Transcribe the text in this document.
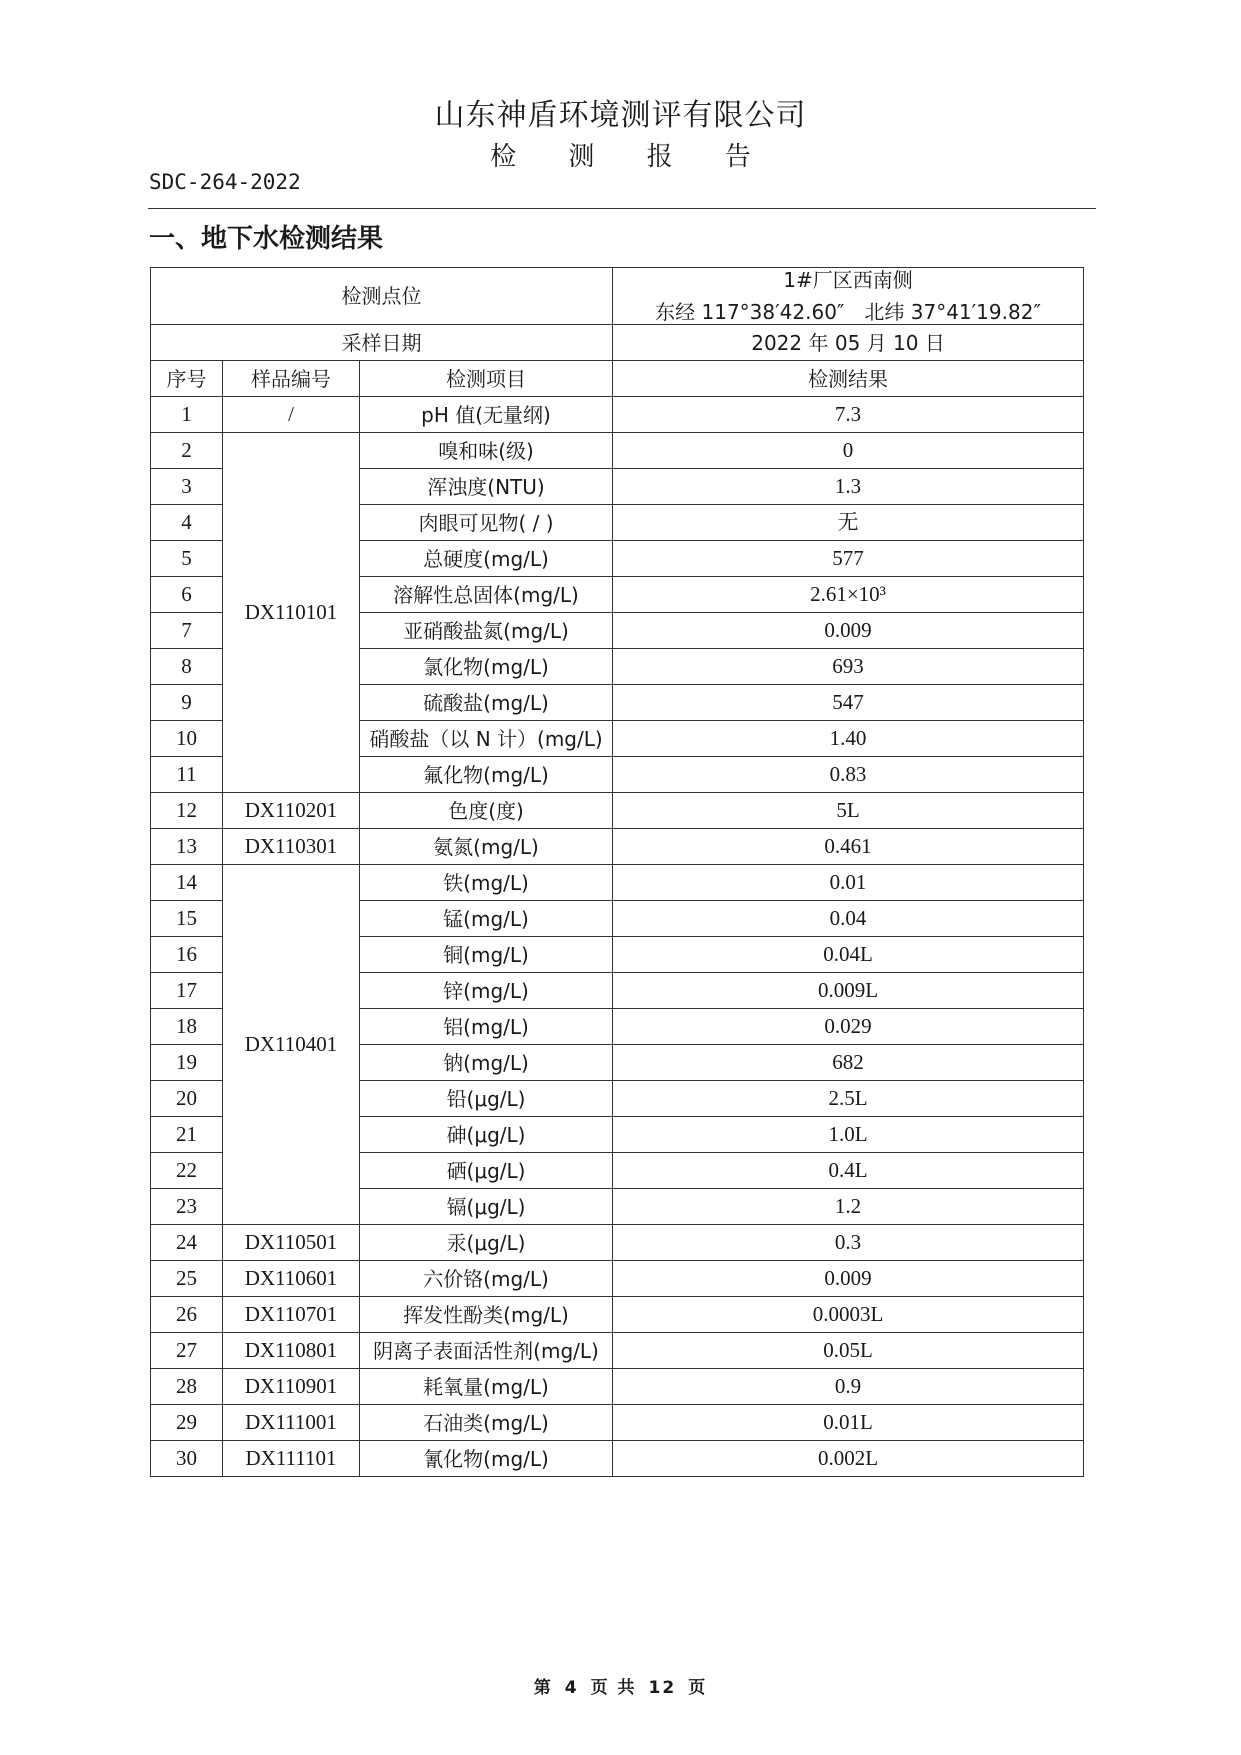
山东神盾环境测评有限公司
检 测 报 告
SDC-264-2022
一、地下水检测结果
检测点位			1#厂区西南侧
东经 117°38′42.60″　北纬 37°41′19.82″

采样日期			2022 年 05 月 10 日
序号	样品编号	检测项目	检测结果
1	/	pH 值(无量纲)	7.3
2	DX110101	嗅和味(级)	0
3		浑浊度(NTU)	1.3
4		肉眼可见物( / )	无
5		总硬度(mg/L)	577
6		溶解性总固体(mg/L)	2.61×10³
7		亚硝酸盐氮(mg/L)	0.009
8		氯化物(mg/L)	693
9		硫酸盐(mg/L)	547
10		硝酸盐（以 N 计）(mg/L)	1.40
11		氟化物(mg/L)	0.83
12	DX110201	色度(度)	5L
13	DX110301	氨氮(mg/L)	0.461
14	DX110401	铁(mg/L)	0.01
15		锰(mg/L)	0.04
16		铜(mg/L)	0.04L
17		锌(mg/L)	0.009L
18		铝(mg/L)	0.029
19		钠(mg/L)	682
20		铅(μg/L)	2.5L
21		砷(μg/L)	1.0L
22		硒(μg/L)	0.4L
23		镉(μg/L)	1.2
24	DX110501	汞(μg/L)	0.3
25	DX110601	六价铬(mg/L)	0.009
26	DX110701	挥发性酚类(mg/L)	0.0003L
27	DX110801	阴离子表面活性剂(mg/L)	0.05L
28	DX110901	耗氧量(mg/L)	0.9
29	DX111001	石油类(mg/L)	0.01L
30	DX111101	氰化物(mg/L)	0.002L
第 4 页 共 12 页
